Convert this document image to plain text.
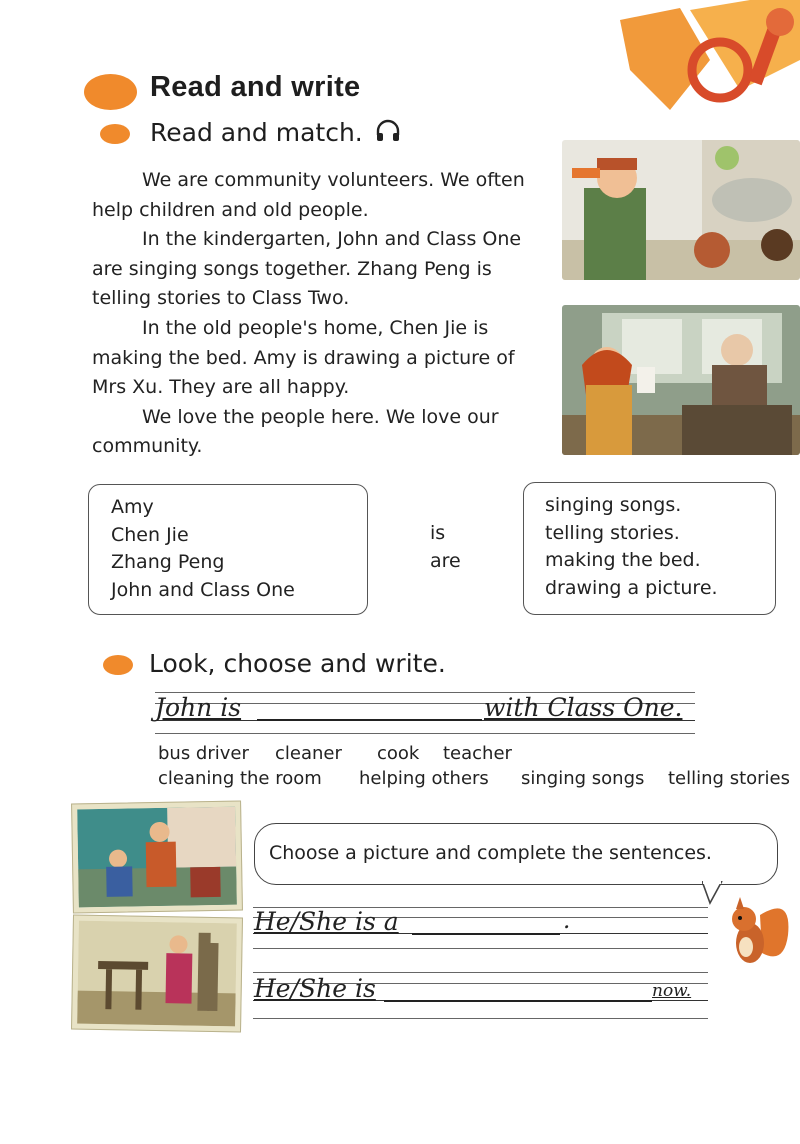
Read and write
Read and match.

We are community volunteers. We often help children and old people.

In the kindergarten, John and Class One are singing songs together. Zhang Peng is telling stories to Class Two.

In the old people's home, Chen Jie is making the bed. Amy is drawing a picture of Mrs Xu. They are all happy.

We love the people here. We love our community.

Amy
Chen Jie
Zhang Peng
John and Class One
is
are
singing songs.
telling stories.
making the bed.
drawing a picture.
Look, choose and write.
John is	with Class One.
bus driver cleaner cook teacher
cleaning the room helping others singing songs telling stories
Choose a picture and complete the sentences.
He/She is a	.
He/She is	now.
